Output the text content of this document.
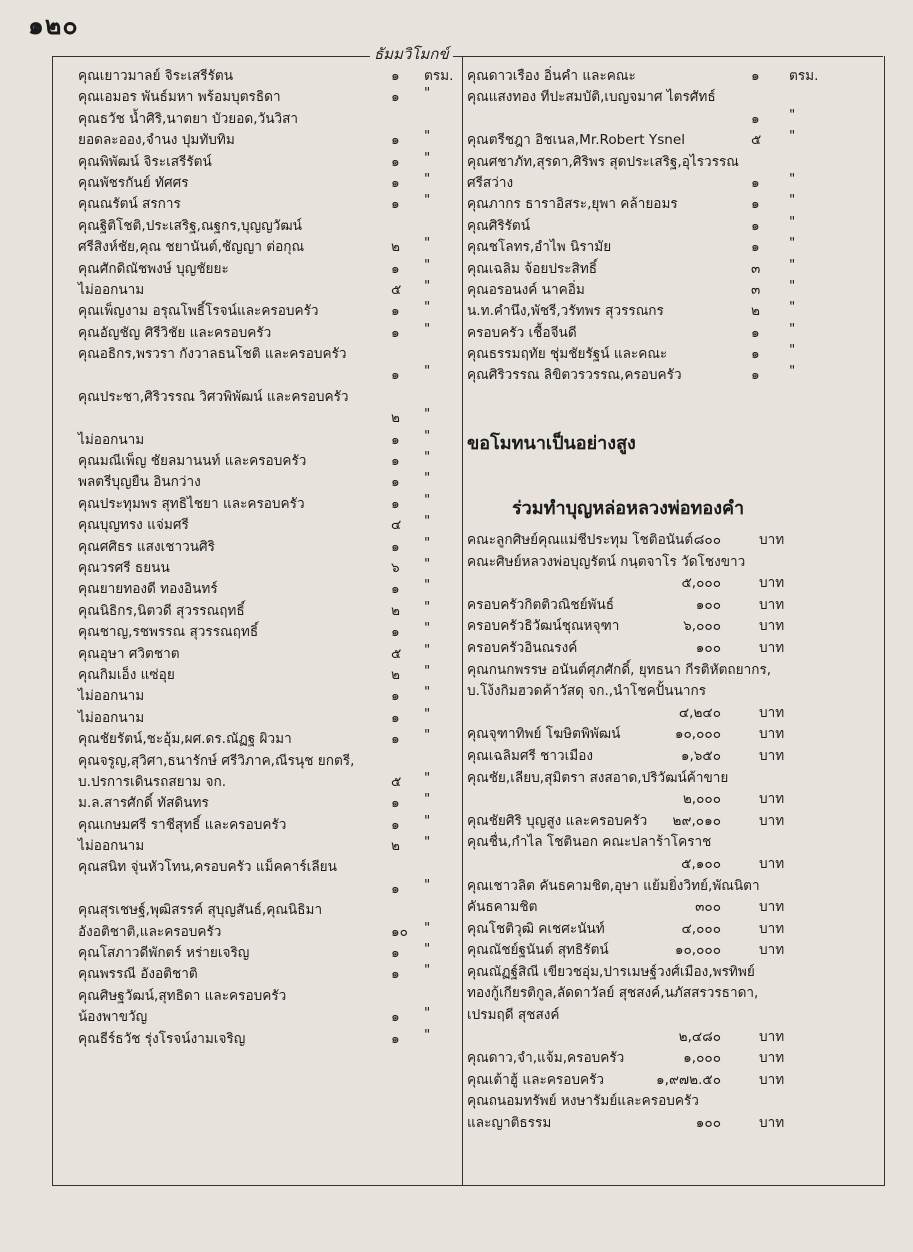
๑๒๐
ธัมมวิโมกข์
คุณเยาวมาลย์ จิระเสรีรัตน	๑ ตรม.
คุณเอมอร พันธ์มหา พร้อมบุตรธิดา	๑ "
คุณธวัช น้ำศิริ,นาตยา บัวยอด,วันวิสา
ยอดละออง,จำนง ปุมทับทิม	๑ "
คุณพิพัฒน์ จิระเสรีรัตน์	๑ "
คุณพัชรกันย์ ทัศศร	๑ "
คุณณรัตน์ สรการ	๑ "
คุณฐิติโชติ,ประเสริฐ,ณฐกร,บุญญวัฒน์
ศรีสิงห์ชัย,คุณ ชยานันต์,ชัญญา ต่อกุณ	๒ "
คุณศักดิณัชพงษ์ บุญชัยยะ	๑ "
ไม่ออกนาม	๕ "
คุณเพ็ญงาม อรุณโพธิ์โรจน์และครอบครัว	๑ "
คุณอัญชัญ ศิรีวิชัย และครอบครัว	๑ "
คุณอธิกร,พรวรา กังวาลธนโชติ และครอบครัว
๑ "
คุณประชา,ศิริวรรณ วิศวพิพัฒน์ และครอบครัว
๒ "
ไม่ออกนาม	๑ "
คุณมณีเพ็ญ ชัยลมานนท์ และครอบครัว	๑ "
พลตรีบุญยืน อินกว่าง	๑ "
คุณประทุมพร สุทธิไชยา และครอบครัว	๑ "
คุณบุญทรง แจ่มศรี	๔ "
คุณศศิธร แสงเชาวนศิริ	๑ "
คุณวรศรี ธยนน	๖ "
คุณยายทองดี ทองอินทร์	๑ "
คุณนิธิกร,นิตวดี สุวรรณฤทธิ์	๒ "
คุณชาญ,รชพรรณ สุวรรณฤทธิ์	๑ "
คุณอุษา ศวิตชาต	๕ "
คุณกิมเอ็ง แซ่อุย	๒ "
ไม่ออกนาม	๑ "
ไม่ออกนาม	๑ "
คุณชัยรัตน์,ชะอุ้ม,ผศ.ดร.ณัฏฐ ผิวมา	๑ "
คุณจรูญ,สุวิศา,ธนารักษ์ ศรีวิภาค,ณีรนุช ยกตรี,
บ.ปรการเดินรถสยาม จก.	๕ "
ม.ล.สารศักดิ์ ทัสดินทร	๑ "
คุณเกษมศรี ราชีสุทธิ์ และครอบครัว	๑ "
ไม่ออกนาม	๒ "
คุณสนิท จุ่นหัวโทน,ครอบครัว แม็คคาร์เลียน
๑ "
คุณสุรเชษฐ์,พุฒิสรรค์ สุบุญสันธ์,คุณนิธิมา
อังอติชาติ,และครอบครัว	๑๐ "
คุณโสภาวดีพักตร์ หร่ายเจริญ	๑ "
คุณพรรณี อังอติชาติ	๑ "
คุณศิษฐวัฒน์,สุทธิดา และครอบครัว
น้องพาขวัญ	๑ "
คุณธีร์ธวัช รุ่งโรจน์งามเจริญ	๑ "
คุณดาวเรือง อิ่นคำ และคณะ	๑ ตรม.
คุณแสงทอง ทีปะสมบัติ,เบญจมาศ ไตรศัทธ์
๑ "
คุณตรีชฎา อิชเนล,Mr.Robert Ysnel	๕ "
คุณศชาภัท,สุรดา,ศิริพร สุดประเสริฐ,อุไรวรรณ
ศรีสว่าง	๑ "
คุณภากร ธาราอิสระ,ยุพา คล้ายอมร	๑ "
คุณศิริรัตน์	๑ "
คุณชโลทร,อำไพ นิรามัย	๑ "
คุณเฉลิม จ้อยประสิทธิ์	๓ "
คุณอรอนงค์ นาคอิ่ม	๓ "
น.ท.คำนึง,พัชรี,วรัทพร สุวรรณกร	๒ "
ครอบครัว เชื้อจีนดี	๑ "
คุณธรรมฤทัย ชุ่มชัยรัฐน์ และคณะ	๑ "
คุณศิริวรรณ ลิขิตวรวรรณ,ครอบครัว	๑ "
ขอโมทนาเป็นอย่างสูง
ร่วมทำบุญหล่อหลวงพ่อทองคำ
คณะลูกศิษย์คุณแม่ชีประทุม โชติอนันต์ ๘๐๐	บาท
คณะศิษย์หลวงพ่อบุญรัตน์ กนฺตจาโร วัดโชงขาว
๕,๐๐๐	บาท
ครอบครัวกิตติวณิชย์พันธ์	๑๐๐	บาท
ครอบครัวธิวัฒน์ชุณหจุฑา	๖,๐๐๐	บาท
ครอบครัวอินณรงค์	๑๐๐	บาท
คุณกนกพรรษ อนันต์ศุภศักดิ์, ยุทธนา กีรติหัตถยากร,
บ.โง้งกิมฮวดค้าวัสดุ จก.,นำโชคปั้นนากร
๔,๒๔๐	บาท
คุณจุฑาทิพย์ โฆษิตพิพัฒน์	๑๐,๐๐๐	บาท
คุณเฉลิมศรี ชาวเมือง	๑,๖๕๐	บาท
คุณชัย,เลียบ,สุมิตรา สงสอาด,ปริวัฒน์ค้าขาย
๒,๐๐๐	บาท
คุณชัยศิริ บุญสูง และครอบครัว ๒๙,๐๑๐	บาท
คุณชื่น,กำไล โชตินอก คณะปลาร้าโคราช
๕,๑๐๐	บาท
คุณเชาวลิต คันธคามชิต,อุษา แย้มยิ่งวิทย์,พัณนิตา
คันธคามชิต	๓๐๐	บาท
คุณโชติวุฒิ คเชศะนันท์	๔,๐๐๐	บาท
คุณณัชย์ฐนันต์ สุทธิรัตน์	๑๐,๐๐๐	บาท
คุณณัฏฐ์สิณี เขียวชอุ่ม,ปารเมษฐ์วงศ์เมือง,พรทิพย์
ทองกู้เกียรติกูล,ลัดดาวัลย์ สุชสงค์,นภัสสรวรธาดา,
เปรมฤดี สุชสงค์
๒,๔๘๐	บาท
คุณดาว,จำ,แจ้ม,ครอบครัว	๑,๐๐๐	บาท
คุณเต้าฮู้ และครอบครัว	๑,๙๗๒.๕๐	บาท
คุณถนอมทรัพย์ หงษารัมย์และครอบครัว
และญาติธรรม	๑๐๐	บาท
